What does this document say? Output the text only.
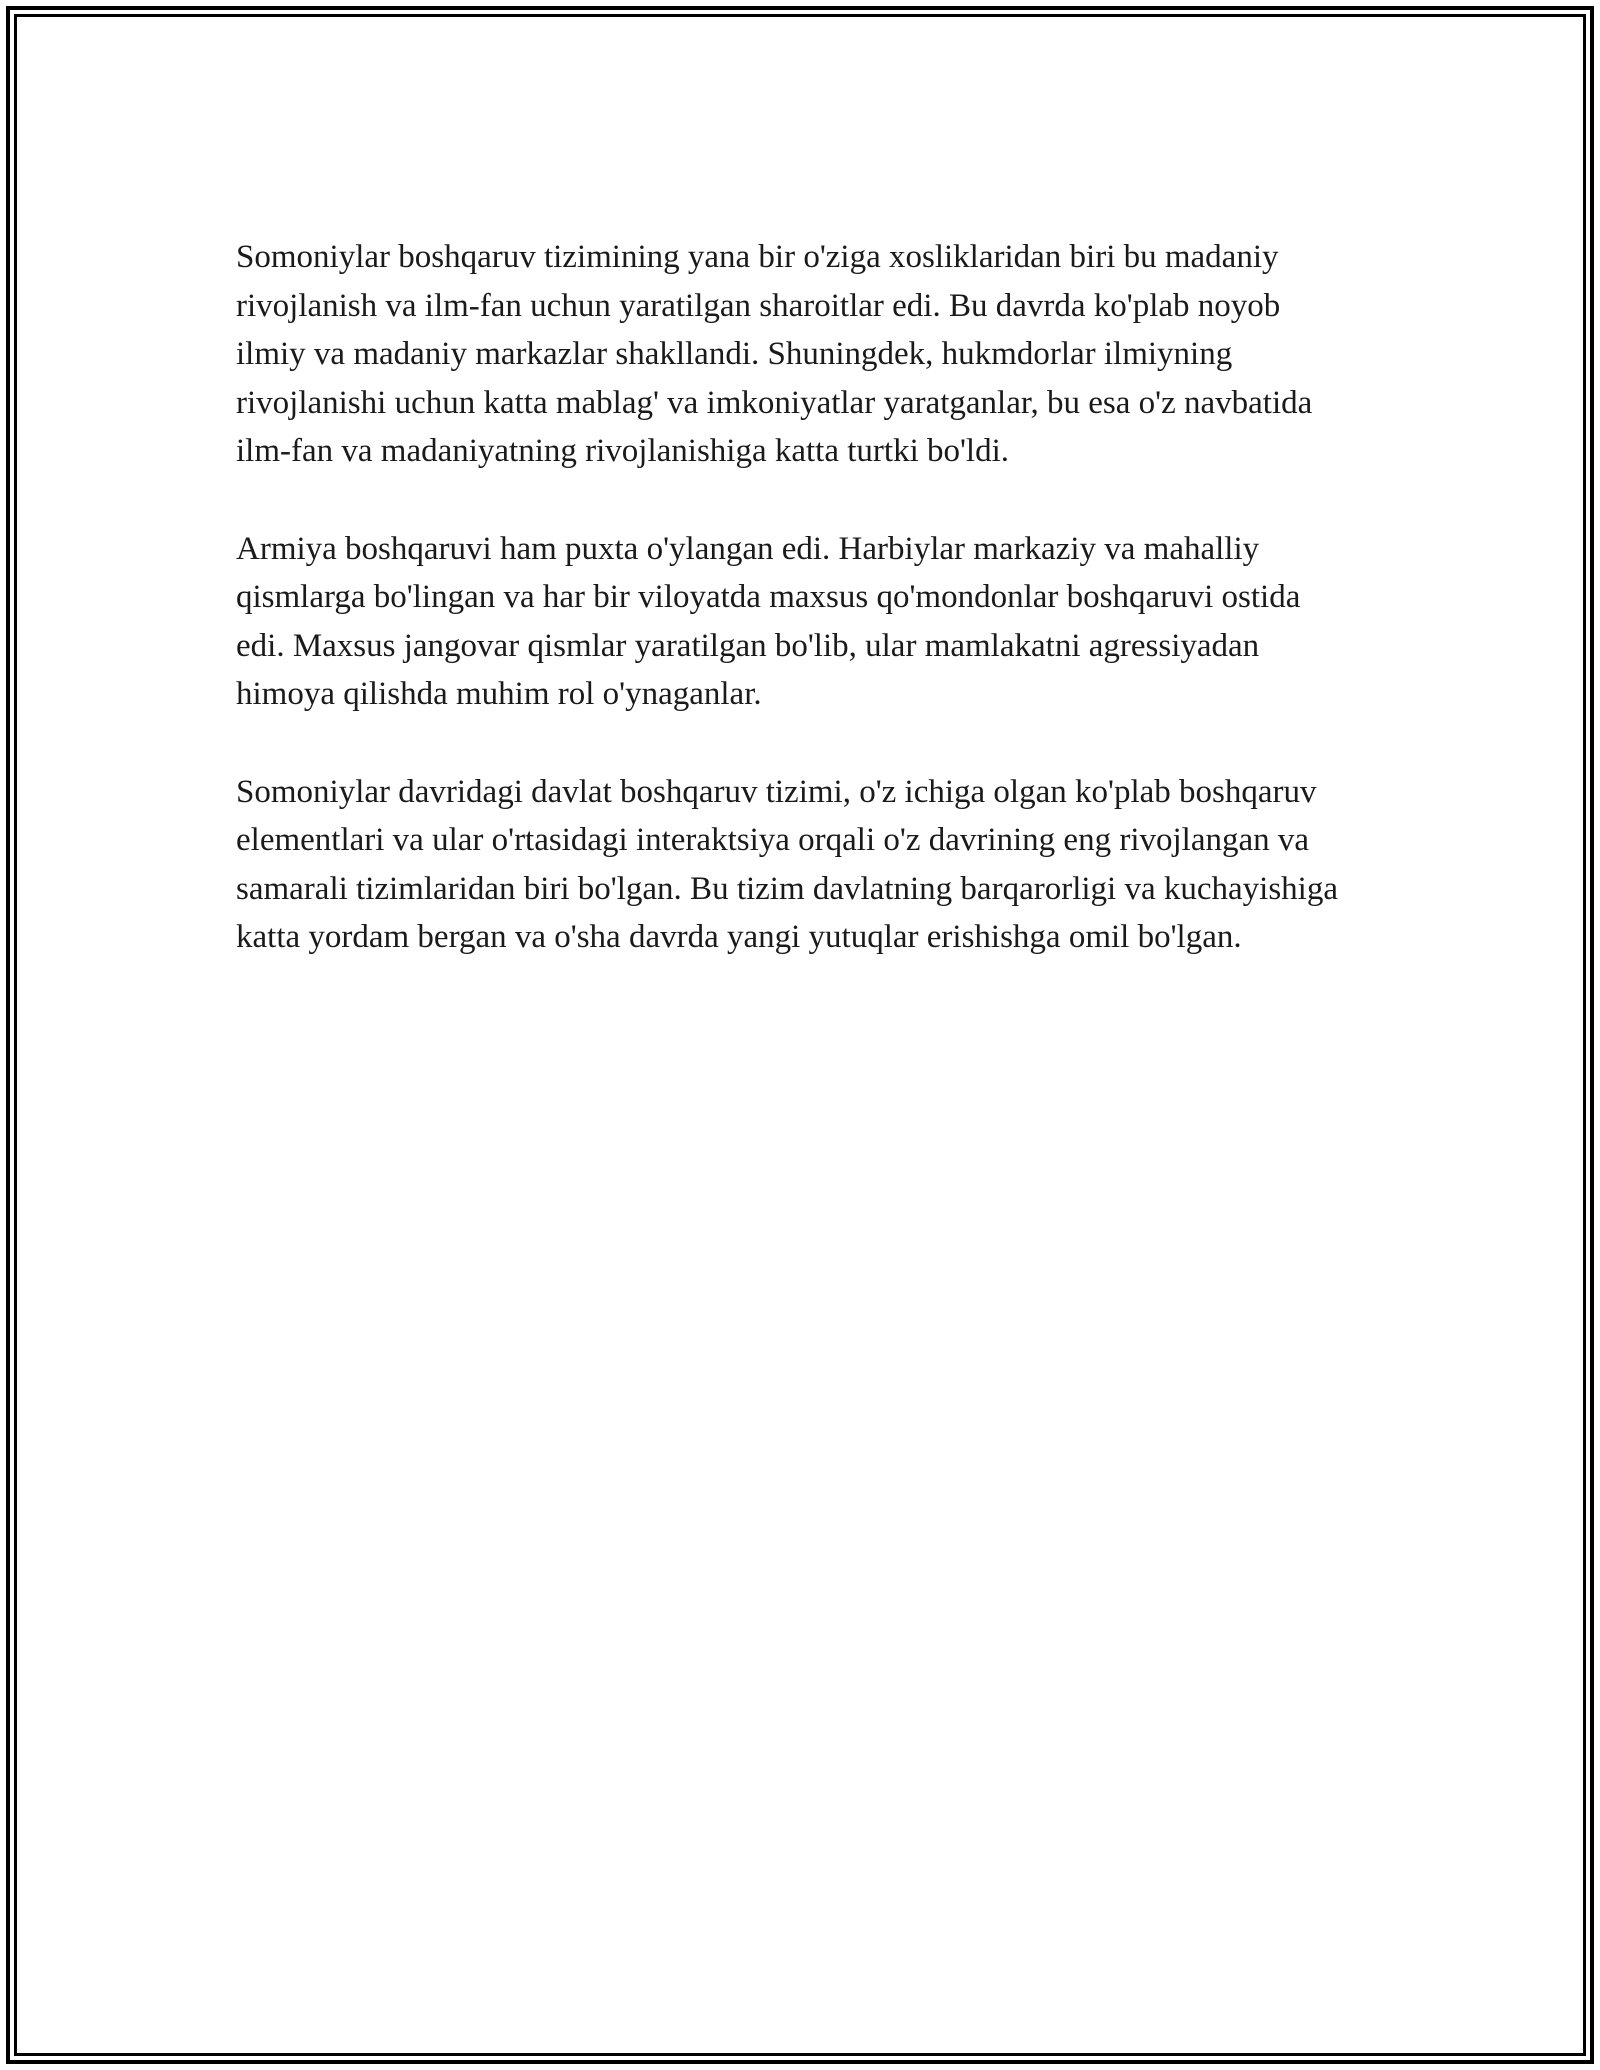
Somoniylar boshqaruv tizimining yana bir o'ziga xosliklaridan biri bu madaniy rivojlanish va ilm-fan uchun yaratilgan sharoitlar edi. Bu davrda ko'plab noyob ilmiy va madaniy markazlar shakllandi. Shuningdek, hukmdorlar ilmiyning rivojlanishi uchun katta mablag' va imkoniyatlar yaratganlar, bu esa o'z navbatida ilm-fan va madaniyatning rivojlanishiga katta turtki bo'ldi.

Armiya boshqaruvi ham puxta o'ylangan edi. Harbiylar markaziy va mahalliy qismlarga bo'lingan va har bir viloyatda maxsus qo'mondonlar boshqaruvi ostida edi. Maxsus jangovar qismlar yaratilgan bo'lib, ular mamlakatni agressiyadan himoya qilishda muhim rol o'ynaganlar.

Somoniylar davridagi davlat boshqaruv tizimi, o'z ichiga olgan ko'plab boshqaruv elementlari va ular o'rtasidagi interaktsiya orqali o'z davrining eng rivojlangan va samarali tizimlaridan biri bo'lgan. Bu tizim davlatning barqarorligi va kuchayishiga katta yordam bergan va o'sha davrda yangi yutuqlar erishishga omil bo'lgan.
